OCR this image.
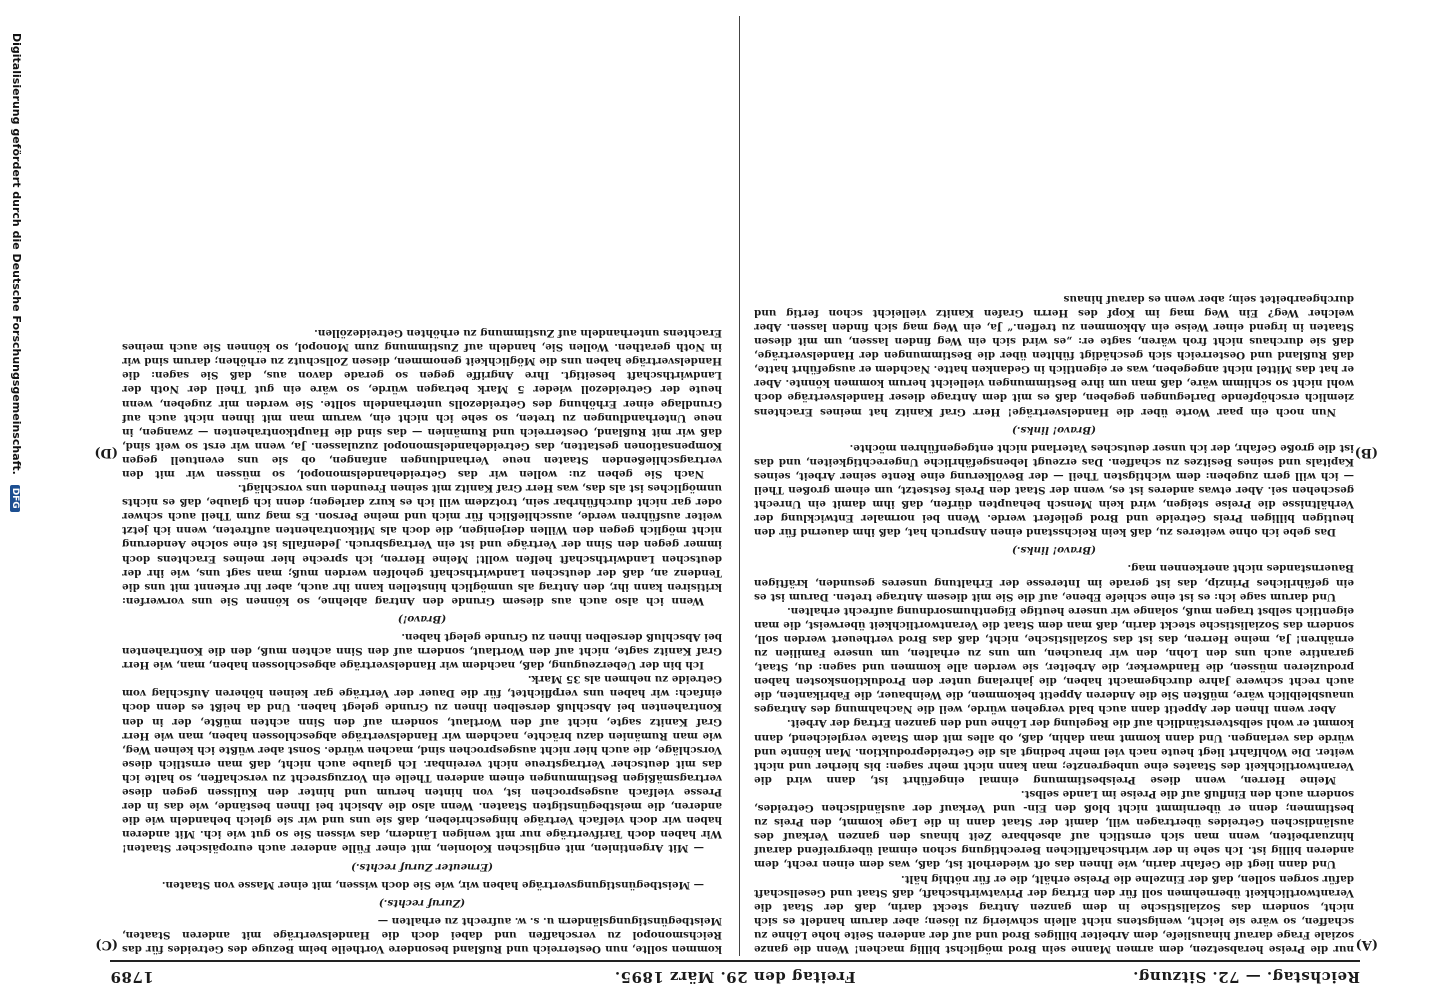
Reichstag. — 72. Sitzung.
Freitag den 29. März 1895.
1789
(A)
(B)
(C)
(D)

nur die Preise herabsetzen, dem armen Manne sein Brod möglichst billig machen! Wenn die ganze soziale Frage darauf hinausliefe, dem Arbeiter billiges Brod und auf der anderen Seite hohe Löhne zu schaffen, so wäre sie leicht, wenigstens nicht allein schwierig zu lösen; aber darum handelt es sich nicht, sondern das Sozialistische in dem ganzen Antrag steckt darin, daß der Staat die Verantwortlichkeit übernehmen soll für den Ertrag der Privatwirthschaft, daß Staat und Gesellschaft dafür sorgen sollen, daß der Einzelne die Preise erhält, die er für nöthig hält.

Und dann liegt die Gefahr darin, wie Ihnen das oft wiederholt ist, daß, was dem einen recht, dem anderen billig ist. Ich sehe in der wirthschaftlichen Berechtigung schon einmal übergreifend darauf hinzuarbeiten, wenn man sich ernstlich auf absehbare Zeit hinaus den ganzen Verkauf des ausländischen Getreides übertragen will, damit der Staat dann in die Lage kommt, den Preis zu bestimmen; denn er übernimmt nicht bloß den Ein- und Verkauf der ausländischen Getreides, sondern auch den Einfluß auf die Preise im Lande selbst.

Meine Herren, wenn diese Preisbestimmung einmal eingeführt ist, dann wird die Verantwortlichkeit des Staates eine unbegrenzte; man kann nicht mehr sagen: bis hierher und nicht weiter. Die Wohlfahrt liegt heute nach viel mehr bedingt als die Getreideproduktion. Man könnte und würde das verlangen. Und dann kommt man dahin, daß, ob alles mit dem Staate vergleichend, dann kommt er wohl selbstverständlich auf die Regelung der Löhne und den ganzen Ertrag der Arbeit.

Aber wenn Ihnen der Appetit dann auch bald vergehen würde, weil die Nachahmung des Antrages unausbleiblich wäre, müßten Sie die Anderen Appetit bekommen, die Weinbauer, die Fabrikanten, die auch recht schwere Jahre durchgemacht haben, die jahrelang unter den Produktionskosten haben produzieren müssen, die Handwerker, die Arbeiter, sie werden alle kommen und sagen: du, Staat, garantire auch uns den Lohn, den wir brauchen, um uns zu erhalten, um unsere Familien zu ernähren! Ja, meine Herren, das ist das Sozialistische, nicht, daß das Brod vertheuert werden soll, sondern das Sozialistische steckt darin, daß man dem Staat die Verantwortlichkeit überweist, die man eigentlich selbst tragen muß, solange wir unsere heutige Eigenthumsordnung aufrecht erhalten.

Und darum sage ich: es ist eine schiefe Ebene, auf die Sie mit diesem Antrage treten. Darum ist es ein gefährliches Prinzip, das ist gerade im Interesse der Erhaltung unseres gesunden, kräftigen Bauernstandes nicht anerkennen mag.

(Bravo! links.)

Das gebe ich ohne weiteres zu, daß kein Reichsstand einen Anspruch hat, daß ihm dauernd für den heutigen billigen Preis Getreide und Brod geliefert werde. Wenn bei normaler Entwicklung der Verhältnisse die Preise steigen, wird kein Mensch behaupten dürfen, daß ihm damit ein Unrecht geschehen sei. Aber etwas anderes ist es, wenn der Staat den Preis festsetzt, um einem großen Theil — ich will gern zugeben: dem wichtigsten Theil — der Bevölkerung eine Rente seiner Arbeit, seines Kapitals und seines Besitzes zu schaffen. Das erzeugt lebensgefährliche Ungerechtigkeiten, und das ist die große Gefahr, der ich unser deutsches Vaterland nicht entgegenführen möchte.

(Bravo! links.)

Nun noch ein paar Worte über die Handelsverträge! Herr Graf Kanitz hat meines Erachtens ziemlich erschöpfende Darlegungen gegeben, daß es mit dem Antrage dieser Handelsverträge doch wohl nicht so schlimm wäre, daß man um ihre Bestimmungen vielleicht herum kommen könnte. Aber er hat das Mittel nicht angegeben, was er eigentlich in Gedanken hatte. Nachdem er ausgeführt hatte, daß Rußland und Oesterreich sich geschädigt fühlten über die Bestimmungen der Handelsverträge, daß sie durchaus nicht froh wären, sagte er: „es wird sich ein Weg finden lassen, um mit diesen Staaten in irgend einer Weise ein Abkommen zu treffen.“ Ja, ein Weg mag sich finden lassen. Aber welcher Weg? Ein Weg mag im Kopf des Herrn Grafen Kanitz vielleicht schon fertig und durchgearbeitet sein; aber wenn es darauf hinaus

kommen sollte, nun Oesterreich und Rußland besondere Vortheile beim Bezuge des Getreides für das Reichsmonopol zu verschaffen und dabei doch die Handelsverträge mit anderen Staaten, Meistbegünstigungsländern u. s. w. aufrecht zu erhalten —

(Zuruf rechts.)

— Meistbegünstigungsverträge haben wir, wie Sie doch wissen, mit einer Masse von Staaten.

(Erneuter Zuruf rechts.)

— Mit Argentinien, mit englischen Kolonien, mit einer Fülle anderer auch europäischer Staaten! Wir haben doch Tarifverträge nur mit wenigen Ländern, das wissen Sie so gut wie ich. Mit anderen haben wir doch vielfach Verträge hingeschrieben, daß sie uns und wir sie gleich behandeln wie die anderen, die meistbegünstigten Staaten. Wenn also die Absicht bei Ihnen bestände, wie das in der Presse vielfach ausgesprochen ist, von hinten herum und hinter den Kulissen gegen diese vertragsmäßigen Bestimmungen einem anderen Theile ein Vorzugsrecht zu verschaffen, so halte ich das mit deutscher Vertragstreue nicht vereinbar. Ich glaube auch nicht, daß man ernstlich diese Vorschläge, die auch hier nicht ausgesprochen sind, machen würde. Sonst aber wüßte ich keinen Weg, wie man Rumänien dazu brächte, nachdem wir Handelsverträge abgeschlossen haben, man wie Herr Graf Kanitz sagte, nicht auf den Wortlaut, sondern auf den Sinn achten müßte, der in den Kontrahenten bei Abschluß derselben ihnen zu Grunde gelegt haben. Und da heißt es denn doch einfach: wir haben uns verpflichtet, für die Dauer der Verträge gar keinen höheren Aufschlag vom Getreide zu nehmen als 35 Mark.

Ich bin der Ueberzeugung, daß, nachdem wir Handelsverträge abgeschlossen haben, man, wie Herr Graf Kanitz sagte, nicht auf den Wortlaut, sondern auf den Sinn achten muß, den die Kontrahenten bei Abschluß derselben ihnen zu Grunde gelegt haben.

(Bravo!)

Wenn ich also auch aus diesem Grunde den Antrag ablehne, so können Sie uns vorwerfen: kritisiren kann ihr, den Antrag als unmöglich hinstellen kann ihr auch, aber ihr erkennt mit uns die Tendenz an, daß der deutschen Landwirthschaft geholfen werden muß; man sagt uns, wie ihr der deutschen Landwirthschaft helfen wollt! Meine Herren, ich spreche hier meines Erachtens doch immer gegen den Sinn der Verträge und ist ein Vertragsbruch. Jedenfalls ist eine solche Aenderung nicht möglich gegen den Willen derjenigen, die doch als Mitkontrahenten auftreten, wenn ich jetzt weiter ausführen werde, ausschließlich für mich und meine Person. Es mag zum Theil auch schwer oder gar nicht durchführbar sein, trotzdem will ich es kurz darlegen; denn ich glaube, daß es nichts unmögliches ist als das, was Herr Graf Kanitz mit seinen Freunden uns vorschlägt.

Nach Sie geben zu: wollen wir das Getreidehandelsmonopol, so müssen wir mit den vertragschließenden Staaten neue Verhandlungen anfangen, ob sie uns eventuell gegen Kompensationen gestatten, das Getreidehandelsmonopol zuzulassen. Ja, wenn wir erst so weit sind, daß wir mit Rußland, Oesterreich und Rumänien — das sind die Hauptkontrahenten — zwangen, in neue Unterhandlungen zu treten, so sehe ich nicht ein, warum man mit ihnen nicht auch auf Grundlage einer Erhöhung des Getreidezolls unterhandeln sollte. Sie werden mir zugeben, wenn heute der Getreidezoll wieder 5 Mark betragen würde, so wäre ein gut Theil der Noth der Landwirthschaft beseitigt. Ihre Angriffe gegen so gerade davon aus, daß Sie sagen: die Handelsverträge haben uns die Möglichkeit genommen, diesen Zollschutz zu erhöhen; darum sind wir in Noth gerathen. Wollen Sie, handeln auf Zustimmung zum Monopol, so können Sie auch meines Erachtens unterhandeln auf Zustimmung zu erhöhten Getreidezöllen.

Digitalisierung gefördert durch die Deutsche Forschungsgemeinschaft. DFG
